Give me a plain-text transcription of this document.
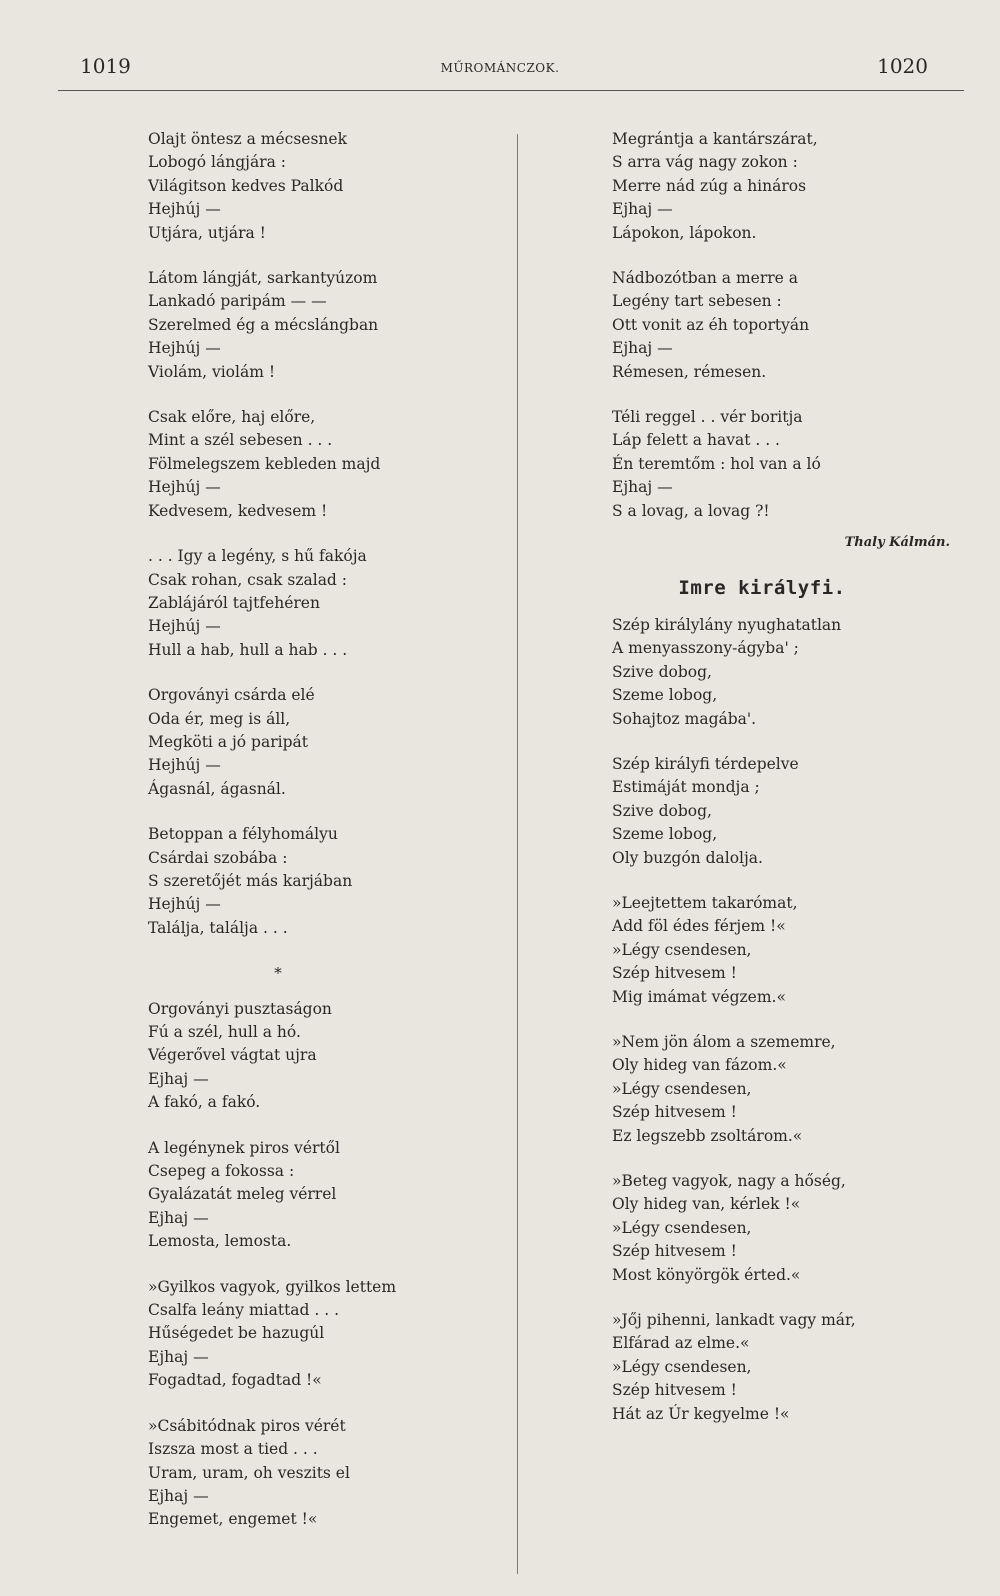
1019	MŰROMÁNCZOK.	1020
Olajt öntesz a mécsesnek
Lobogó lángjára :
Világitson kedves Palkód
Hejhúj —
Utjára, utjára !
Látom lángját, sarkantyúzom
Lankadó paripám — —
Szerelmed ég a mécslángban
Hejhúj —
Violám, violám !
Csak előre, haj előre,
Mint a szél sebesen . . .
Fölmelegszem kebleden majd
Hejhúj —
Kedvesem, kedvesem !
. . . Igy a legény, s hű fakója
Csak rohan, csak szalad :
Zablájáról tajtfehéren
Hejhúj —
Hull a hab, hull a hab . . .
Orgoványi csárda elé
Oda ér, meg is áll,
Megköti a jó paripát
Hejhúj —
Ágasnál, ágasnál.
Betoppan a félyhomályu
Csárdai szobába :
S szeretőjét más karjában
Hejhúj —
Találja, találja . . .
*
Orgoványi pusztaságon
Fú a szél, hull a hó.
Végerővel vágtat ujra
Ejhaj —
A fakó, a fakó.
A legénynek piros vértől
Csepeg a fokossa :
Gyalázatát meleg vérrel
Ejhaj —
Lemosta, lemosta.
»Gyilkos vagyok, gyilkos lettem
Csalfa leány miattad . . .
Hűségedet be hazugúl
Ejhaj —
Fogadtad, fogadtad !«
»Csábitódnak piros vérét
Iszsza most a tied . . .
Uram, uram, oh veszits el
Ejhaj —
Engemet, engemet !«
Megrántja a kantárszárat,
S arra vág nagy zokon :
Merre nád zúg a hináros
Ejhaj —
Lápokon, lápokon.
Nádbozótban a merre a
Legény tart sebesen :
Ott vonit az éh toportyán
Ejhaj —
Rémesen, rémesen.
Téli reggel . . vér boritja
Láp felett a havat . . .
Én teremtőm : hol van a ló
Ejhaj —
S a lovag, a lovag ?!
Thaly Kálmán.
Imre királyfi.
Szép királylány nyughatatlan
A menyasszony-ágyba' ;
Szive dobog,
Szeme lobog,
Sohajtoz magába'.
Szép királyfi térdepelve
Estimáját mondja ;
Szive dobog,
Szeme lobog,
Oly buzgón dalolja.
»Leejtettem takarómat,
Add föl édes férjem !«
»Légy csendesen,
Szép hitvesem !
Mig imámat végzem.«
»Nem jön álom a szememre,
Oly hideg van fázom.«
»Légy csendesen,
Szép hitvesem !
Ez legszebb zsoltárom.«
»Beteg vagyok, nagy a hőség,
Oly hideg van, kérlek !«
»Légy csendesen,
Szép hitvesem !
Most könyörgök érted.«
»Jőj pihenni, lankadt vagy már,
Elfárad az elme.«
»Légy csendesen,
Szép hitvesem !
Hát az Úr kegyelme !«
